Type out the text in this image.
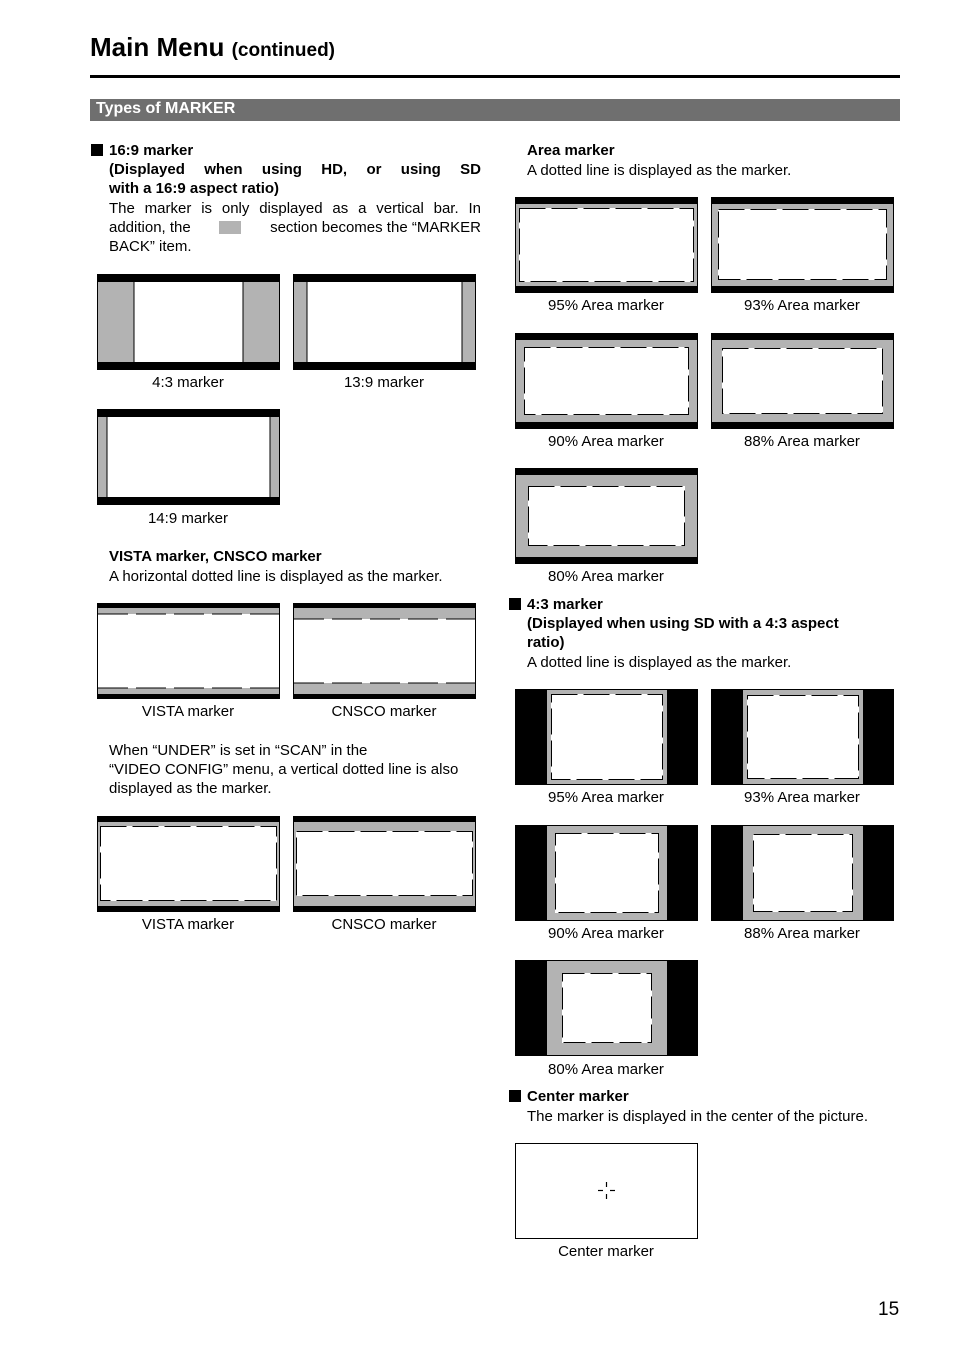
Main Menu (continued)
Types of MARKER
16:9 marker
(Displayed when using HD, or using SD
with a 16:9 aspect ratio)
The marker is only displayed as a vertical bar. In
addition, the	section becomes the “MARKER
BACK” item.
4:3 marker	13:9 marker
14:9 marker
VISTA marker, CNSCO marker
A horizontal dotted line is displayed as the marker.
VISTA marker	CNSCO marker
When “UNDER” is set in “SCAN” in the
“VIDEO CONFIG” menu, a vertical dotted line is also
displayed as the marker.
VISTA marker	CNSCO marker
Area marker
A dotted line is displayed as the marker.
95% Area marker	93% Area marker
90% Area marker	88% Area marker
80% Area marker
4:3 marker
(Displayed when using SD with a 4:3 aspect
ratio)
A dotted line is displayed as the marker.
95% Area marker	93% Area marker
90% Area marker	88% Area marker
80% Area marker
Center marker
The marker is displayed in the center of the picture.
Center marker
15
